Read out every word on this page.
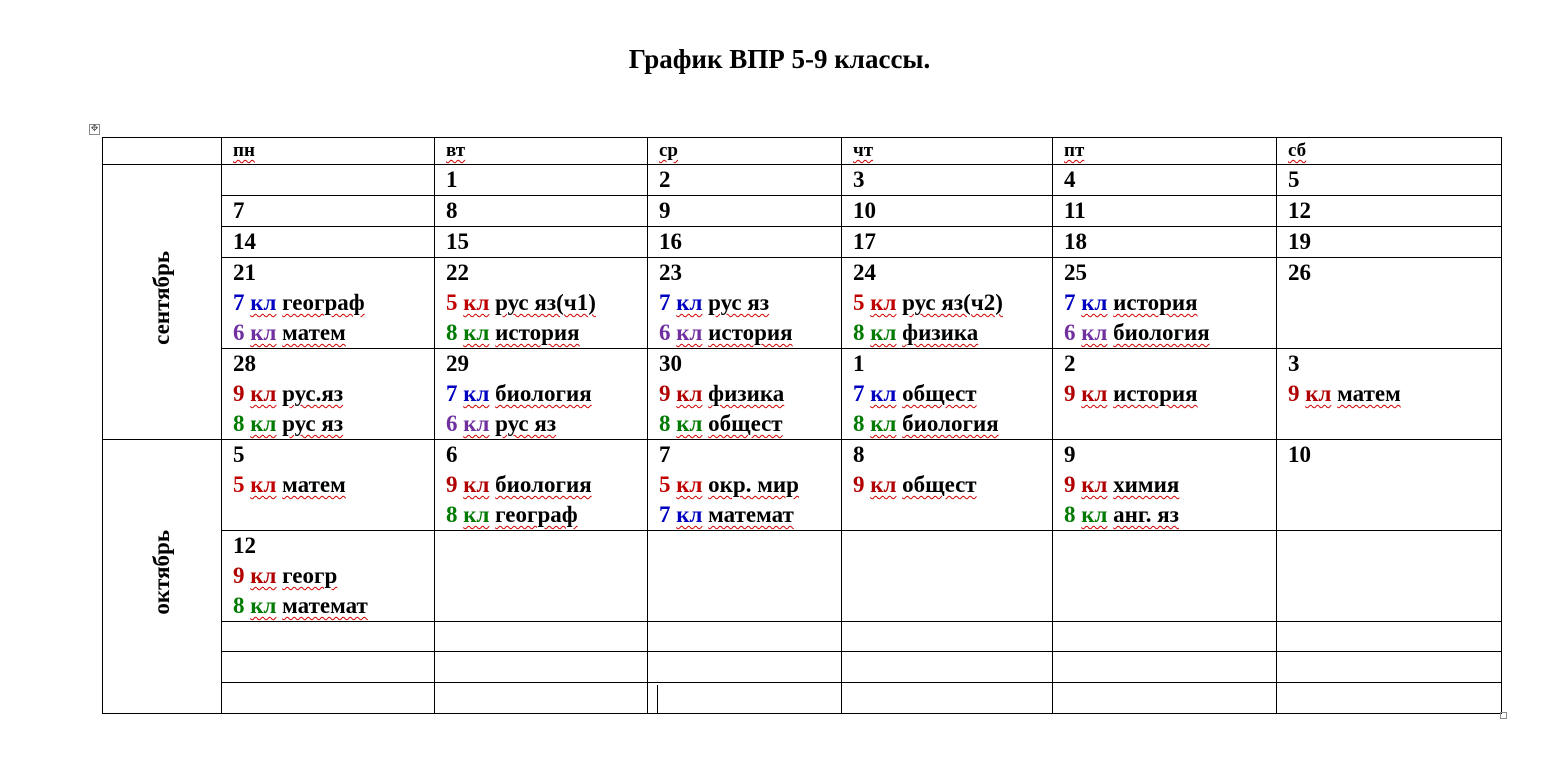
График ВПР 5-9 классы.
✥
	пн	вт	ср	чт	пт	сб
сентябрь		1	2	3	4	5

	7	8	9	10	11	12

	14	15	16	17	18	19

	21
7 кл географ
6 кл матем	22
5 кл рус яз(ч1)
8 кл история	23
7 кл рус яз
6 кл история	24
5 кл рус яз(ч2)
8 кл физика	25
7 кл история
6 кл биология	26

	28
9 кл рус.яз
8 кл рус яз	29
7 кл биология
6 кл рус яз	30
9 кл физика
8 кл общест	1
7 кл общест
8 кл биология	2
9 кл история	3
9 кл матем

октябрь	5
5 кл матем	6
9 кл биология
8 кл географ	7
5 кл окр. мир
7 кл математ	8
9 кл общест	9
9 кл химия
8 кл анг. яз	10

	12
9 кл геогр
8 кл математ					
